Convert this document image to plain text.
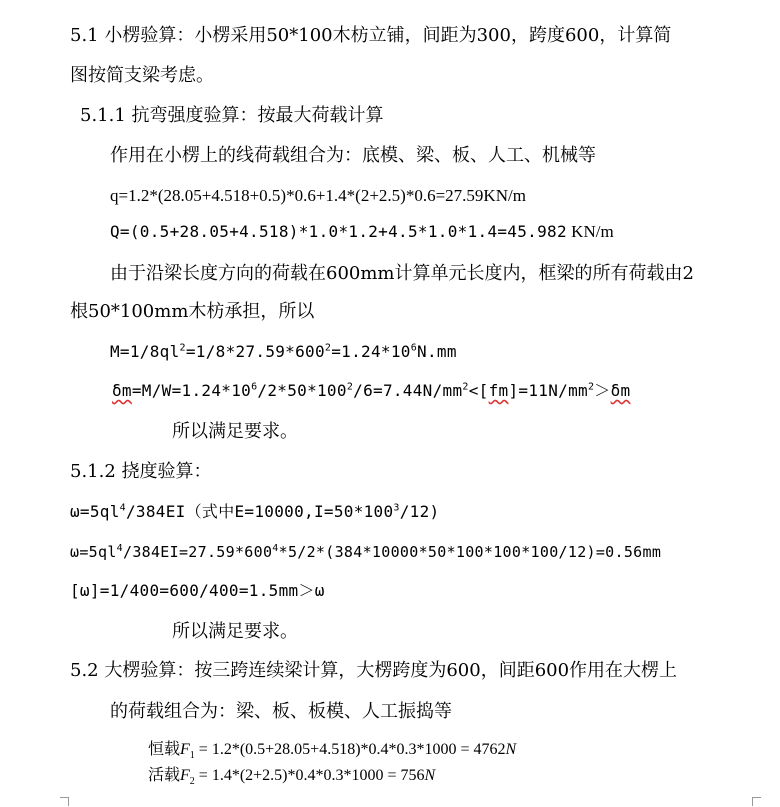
5.1 小楞验算：小楞采用50*100木枋立铺，间距为300，跨度600，计算简
图按简支梁考虑。
5.1.1 抗弯强度验算：按最大荷载计算
作用在小楞上的线荷载组合为：底模、梁、板、人工、机械等
q=1.2*(28.05+4.518+0.5)*0.6+1.4*(2+2.5)*0.6=27.59KN/m
Q=(0.5+28.05+4.518)*1.0*1.2+4.5*1.0*1.4=45.982 KN/m
由于沿梁长度方向的荷载在600mm计算单元长度内，框梁的所有荷载由2
根50*100mm木枋承担，所以
$M=1/8ql^2=1/8*27.59*600^2=1.24*10^6N.mm$
$\delta m=M/W=1.24*10^6/2*50*100^2/6=7.44N/mm^2<[fm]=11N/mm^2>\delta m$
所以满足要求。
5.1.2 挠度验算：
$\omega=5ql^4/384EI$（式中$E=10000,I=50*100^3/12$)
$\omega=5ql^4/384EI=27.59*600^4*5/2*(384*10000*50*100*100*100/12)=0.56mm$
[ω]=1/400=600/400=1.5mm＞ω
所以满足要求。
5.2 大楞验算：按三跨连续梁计算，大楞跨度为600，间距600作用在大楞上
的荷载组合为：梁、板、板模、人工振捣等
恒载$F_1 = 1.2*(0.5+28.05+4.518)*0.4*0.3*1000 = 4762N$
活载$F_2 = 1.4*(2+2.5)*0.4*0.3*1000 = 756N$
